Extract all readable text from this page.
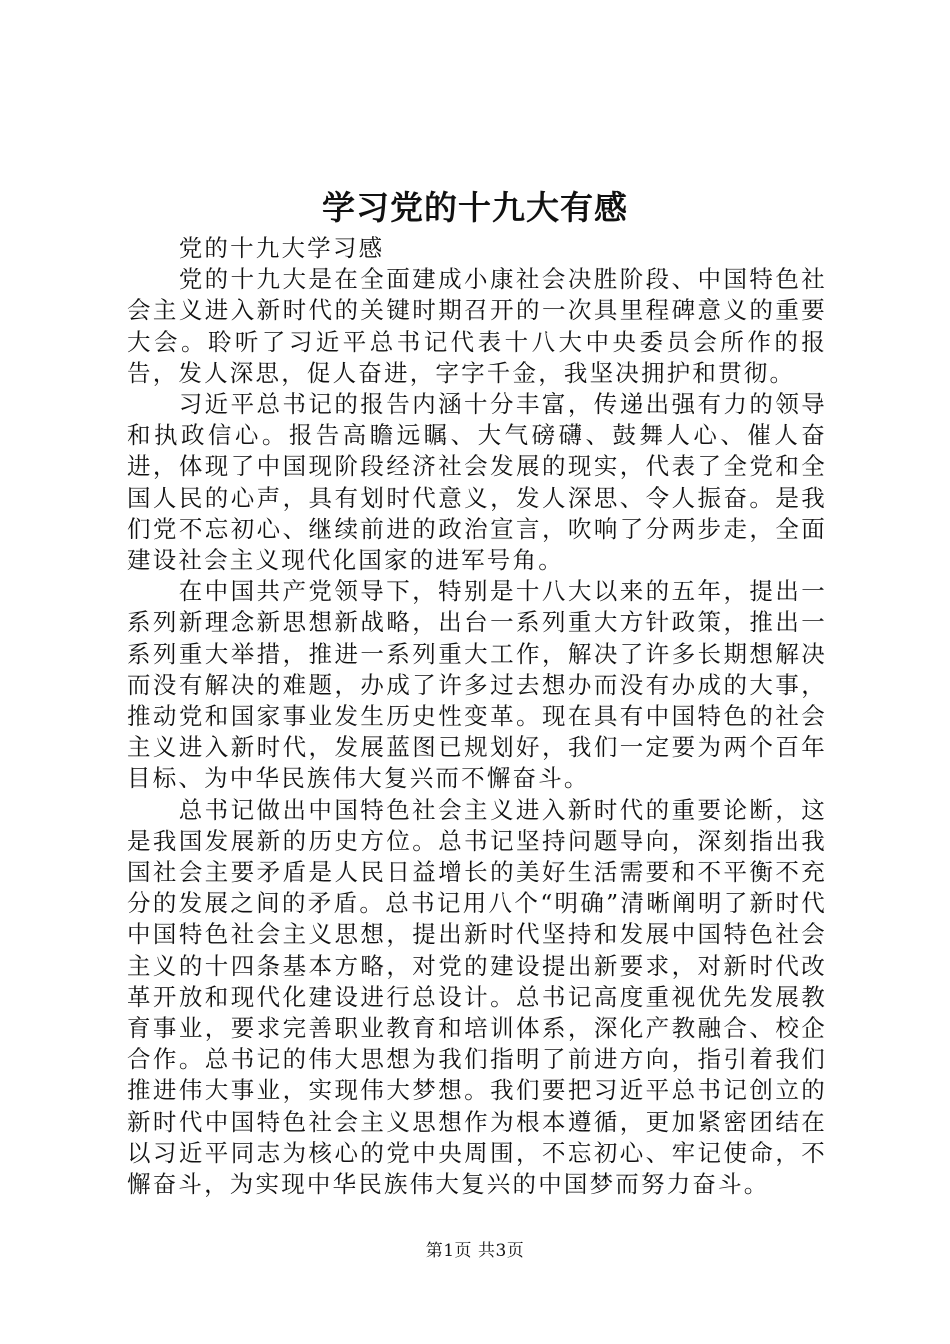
学习党的十九大有感

党的十九大学习感

党的十九大是在全面建成小康社会决胜阶段、中国特色社会主义进入新时代的关键时期召开的一次具里程碑意义的重要大会。聆听了习近平总书记代表十八大中央委员会所作的报告，发人深思，促人奋进，字字千金，我坚决拥护和贯彻。

习近平总书记的报告内涵十分丰富，传递出强有力的领导和执政信心。报告高瞻远瞩、大气磅礴、鼓舞人心、催人奋进，体现了中国现阶段经济社会发展的现实，代表了全党和全国人民的心声，具有划时代意义，发人深思、令人振奋。是我们党不忘初心、继续前进的政治宣言，吹响了分两步走，全面建设社会主义现代化国家的进军号角。

在中国共产党领导下，特别是十八大以来的五年，提出一系列新理念新思想新战略，出台一系列重大方针政策，推出一系列重大举措，推进一系列重大工作，解决了许多长期想解决而没有解决的难题，办成了许多过去想办而没有办成的大事，推动党和国家事业发生历史性变革。现在具有中国特色的社会主义进入新时代，发展蓝图已规划好，我们一定要为两个百年目标、为中华民族伟大复兴而不懈奋斗。

总书记做出中国特色社会主义进入新时代的重要论断，这是我国发展新的历史方位。总书记坚持问题导向，深刻指出我国社会主要矛盾是人民日益增长的美好生活需要和不平衡不充分的发展之间的矛盾。总书记用八个“明确”清晰阐明了新时代中国特色社会主义思想，提出新时代坚持和发展中国特色社会主义的十四条基本方略，对党的建设提出新要求，对新时代改革开放和现代化建设进行总设计。总书记高度重视优先发展教育事业，要求完善职业教育和培训体系，深化产教融合、校企合作。总书记的伟大思想为我们指明了前进方向，指引着我们推进伟大事业，实现伟大梦想。我们要把习近平总书记创立的新时代中国特色社会主义思想作为根本遵循，更加紧密团结在以习近平同志为核心的党中央周围，不忘初心、牢记使命，不懈奋斗，为实现中华民族伟大复兴的中国梦而努力奋斗。

第1页 共3页
